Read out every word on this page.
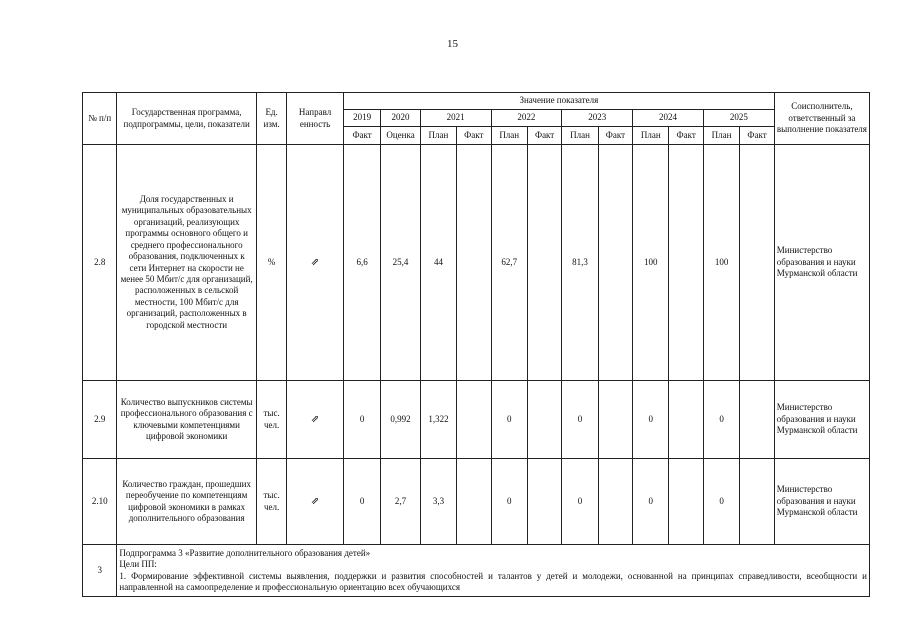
15
№ п/п	Государственная программа, подпрограммы, цели, показатели	Ед. изм.	Направл енность	Значение показателя												Соисполнитель, ответственный за выполнение показателя
				2019	2020	2021		2022		2023		2024		2025		
				Факт	Оценка	План	Факт	План	Факт	План	Факт	План	Факт	План	Факт	
2.8	Доля государственных и муниципальных образовательных организаций, реализующих программы основного общего и среднего профессионального образования, подключенных к сети Интернет на скорости не менее 50 Мбит/с для организаций, расположенных в сельской местности, 100 Мбит/с для организаций, расположенных в городской местности	%	⇗	6,6	25,4	44		62,7		81,3		100		100		Министерство образования и науки Мурманской области
2.9	Количество выпускников системы профессионального образования с ключевыми компетенциями цифровой экономики	тыс. чел.	⇗	0	0,992	1,322		0		0		0		0		Министерство образования и науки Мурманской области
2.10	Количество граждан, прошедших переобучение по компетенциям цифровой экономики в рамках дополнительного образования	тыс. чел.	⇗	0	2,7	3,3		0		0		0		0		Министерство образования и науки Мурманской области
3	Подпрограмма 3 «Развитие дополнительного образования детей»
Цели ПП:
1. Формирование эффективной системы выявления, поддержки и развития способностей и талантов у детей и молодежи, основанной на принципах справедливости, всеобщности и направленной на самоопределение и профессиональную ориентацию всех обучающихся															
